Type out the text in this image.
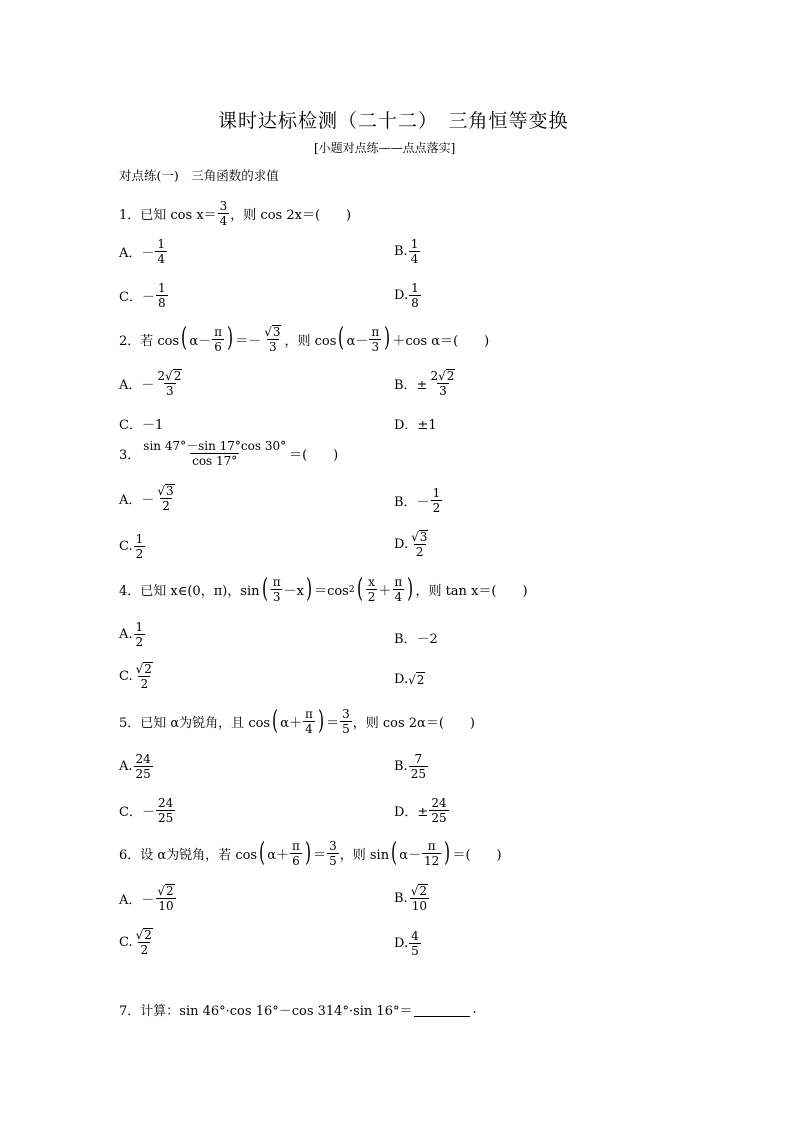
课时达标检测（二十二）　三角恒等变换
[小题对点练——点点落实]
对点练(一)　三角函数的求值
1．已知 $\cos x= \frac{3}{4}$ ，则 cos 2x＝(　　)
A．－ $\frac{1}{4}$	B. $\frac{1}{4}$
C．－ $\frac{1}{8}$	D. $\frac{1}{8}$
2．若 cos ( $\alpha- \frac{\pi}{6}$ ) ＝－ $\frac{√ 3}{3}$ ，则 cos ( $\alpha- \frac{\pi}{3}$ ) ＋cos α＝(　　)
A．－ $\frac{2 √ 2}{3}$	B．± $\frac{2 √ 2}{3}$
C．－1	D．±1
3． $\frac{\sin 47^\circ-\sin 17^\circ\cos 30^\circ}{\cos 17^\circ}$ ＝(　　)
A．－ $\frac{√ 3}{2}$	B．－ $\frac{1}{2}$
C. $\frac{1}{2}$	D. $\frac{√ 3}{2}$
4．已知 x∈(0，π)，sin ( $\frac{\pi}{3} -x$ ) ＝cos 2 ( $\frac{x}{2} + \frac{\pi}{4}$ ) ，则 tan x＝(　　)
A. $\frac{1}{2}$	B．－2
C. $\frac{√ 2}{2}$	D. √ 2
5．已知 α为锐角，且 cos ( $\alpha+ \frac{\pi}{4}$ ) ＝ $\frac{3}{5}$ ，则 cos 2α＝(　　)
A. $\frac{24}{25}$	B. $\frac{7}{25}$
C．－ $\frac{24}{25}$	D．± $\frac{24}{25}$
6．设 α为锐角，若 cos ( $\alpha+ \frac{\pi}{6}$ ) ＝ $\frac{3}{5}$ ，则 sin ( $\alpha- \frac{\pi}{12}$ ) ＝(　　)
A．－ $\frac{√ 2}{10}$	B. $\frac{√ 2}{10}$
C. $\frac{√ 2}{2}$	D. $\frac{4}{5}$
7．计算：sin 46°·cos 16°－cos 314°·sin 16°＝	.
